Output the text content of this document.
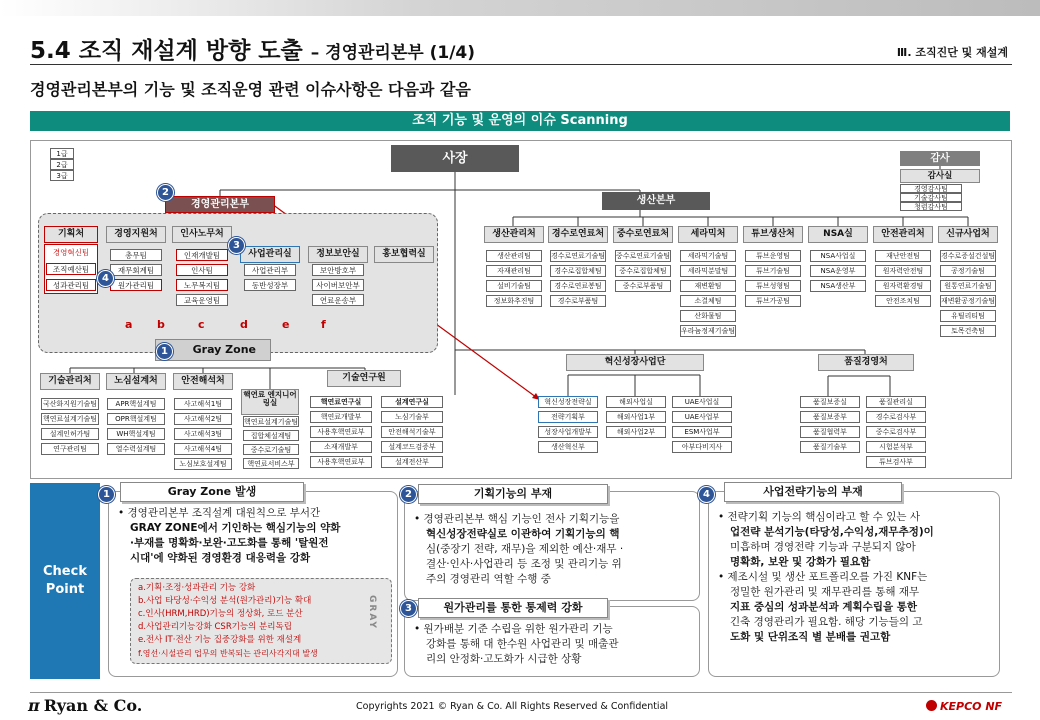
5.4 조직 재설계 방향 도출 – 경영관리본부 (1/4)	Ⅲ. 조직진단 및 재설계
경영관리본부의 기능 및 조직운영 관련 이슈사항은 다음과 같음
조직 기능 및 운영의 이슈 Scanning
1급
2급
3급
사장	감사
감사실
경영감사팀
기술감사팀
청렴감사팀
경영관리본부	생산본부
기획처
경영혁신팀
조직예산팀
성과관리팀
경영지원처
총무팀
재무회계팀
원가관리팀
인사노무처
인재개발팀
인사팀
노무복지팀
교육운영팀
사업관리실
사업관리부
동반성장부
정보보안실
보안방호부
사이버보안부
연료운송부
홍보협력실
a b	c	d	e	f
Gray Zone
1
2
3
4
생산관리처
생산관리팀
자재관리팀
설비기술팀
정보화추진팀
경수로연료처
경수로연료기술팀
경수로집합체팀
경수로연료봉팀
경수로부품팀
중수로연료처
중수로연료기술팀
중수로집합체팀
중수로부품팀
세라믹처
세라믹기술팀
세라믹분말팀
재변환팀
소결체팀
산화물팀
우라늄정제기술팀
튜브생산처
튜브운영팀
튜브기술팀
튜브성형팀
튜브가공팀
NSA실
NSA사업실
NSA운영부
NSA생산부
안전관리처
재난안전팀
원자력안전팀
원자력환경팀
안전조치팀
신규사업처
경수로증설건설팀
공정기술팀
원통연료기술팀
재변환공정기술팀
유틸리티팀
토목건축팀
기술관리처
국산화지원기술팀
핵연료설계기술팀
설계인허가팀
연구관리팀
노심설계처
APR핵설계팀
OPR핵설계팀
WH핵설계팀
열수력설계팀
안전해석처
사고해석1팀
사고해석2팀
사고해석3팀
사고해석4팀
노심보호설계팀
핵연료 엔지니어링실
핵연료설계기술팀
집합체설계팀
중수로기술팀
핵연료서비스부
기술연구원
핵연료연구실
핵연료개발부
사용후핵연료부
소재개발부
사용후핵연료부
설계연구실
노심기술부
안전해석기술부
설계코드검증부
설계전산부
혁신성장사업단
혁신성장전략실
전략기획부
성장사업개발부
생산혁신부
해외사업실
해외사업1부
해외사업2부
UAE사업실
UAE사업부
ESM사업부
아부다비지사
품질경영처
품질보증실
품질보증부
품질협력부
품질기술부
품질관리실
경수로검사부
중수로검사부
시험분석부
튜브검사부
Check Point
Gray Zone 발생
1
• 경영관리본부 조직설계 대원칙으로 부서간
GRAY ZONE에서 기인하는 핵심기능의 약화
·부재를 명확화·보완·고도화를 통해 '탈원전
시대'에 약화된 경영환경 대응력을 강화
a.기획·조정·성과관리 기능 강화
b.사업 타당성·수익성 분석(원가관리)기능 확대
c.인사(HRM,HRD)기능의 정상화, 로드 분산
d.사업관리기능강화 CSR기능의 분리독립
e.전사 IT·전산 기능 집중강화를 위한 재설계
f.영선·시설관리 업무의 반복되는 관리사각지대 발생
GRAY
기획기능의 부재
2
• 경영관리본부 핵심 기능인 전사 기획기능을
혁신성장전략실로 이관하여 기획기능의 핵
심(중장기 전략, 재무)을 제외한 예산·재무 ·
결산·인사·사업관리 등 조정 및 관리기능 위
주의 경영관리 역할 수행 중
원가관리를 통한 통제력 강화
3
• 원가배분 기준 수립을 위한 원가관리 기능
강화를 통해 대 한수원 사업관리 및 매출관
리의 안정화·고도화가 시급한 상황
사업전략기능의 부재
4
• 전략기획 기능의 핵심이라고 할 수 있는 사
업전략 분석기능(타당성,수익성,재무추정)이
미흡하며 경영전략 기능과 구분되지 않아
명확화, 보완 및 강화가 필요함
• 제조시설 및 생산 포트폴리오를 가진 KNF는
정밀한 원가관리 및 재무관리를 통해 재무
지표 중심의 성과분석과 계획수립을 통한
긴축 경영관리가 필요함. 해당 기능들의 고
도화 및 단위조직 별 분배를 권고함
π Ryan & Co.	Copyrights 2021 © Ryan & Co. All Rights Reserved & Confidential	KEPCO NF
